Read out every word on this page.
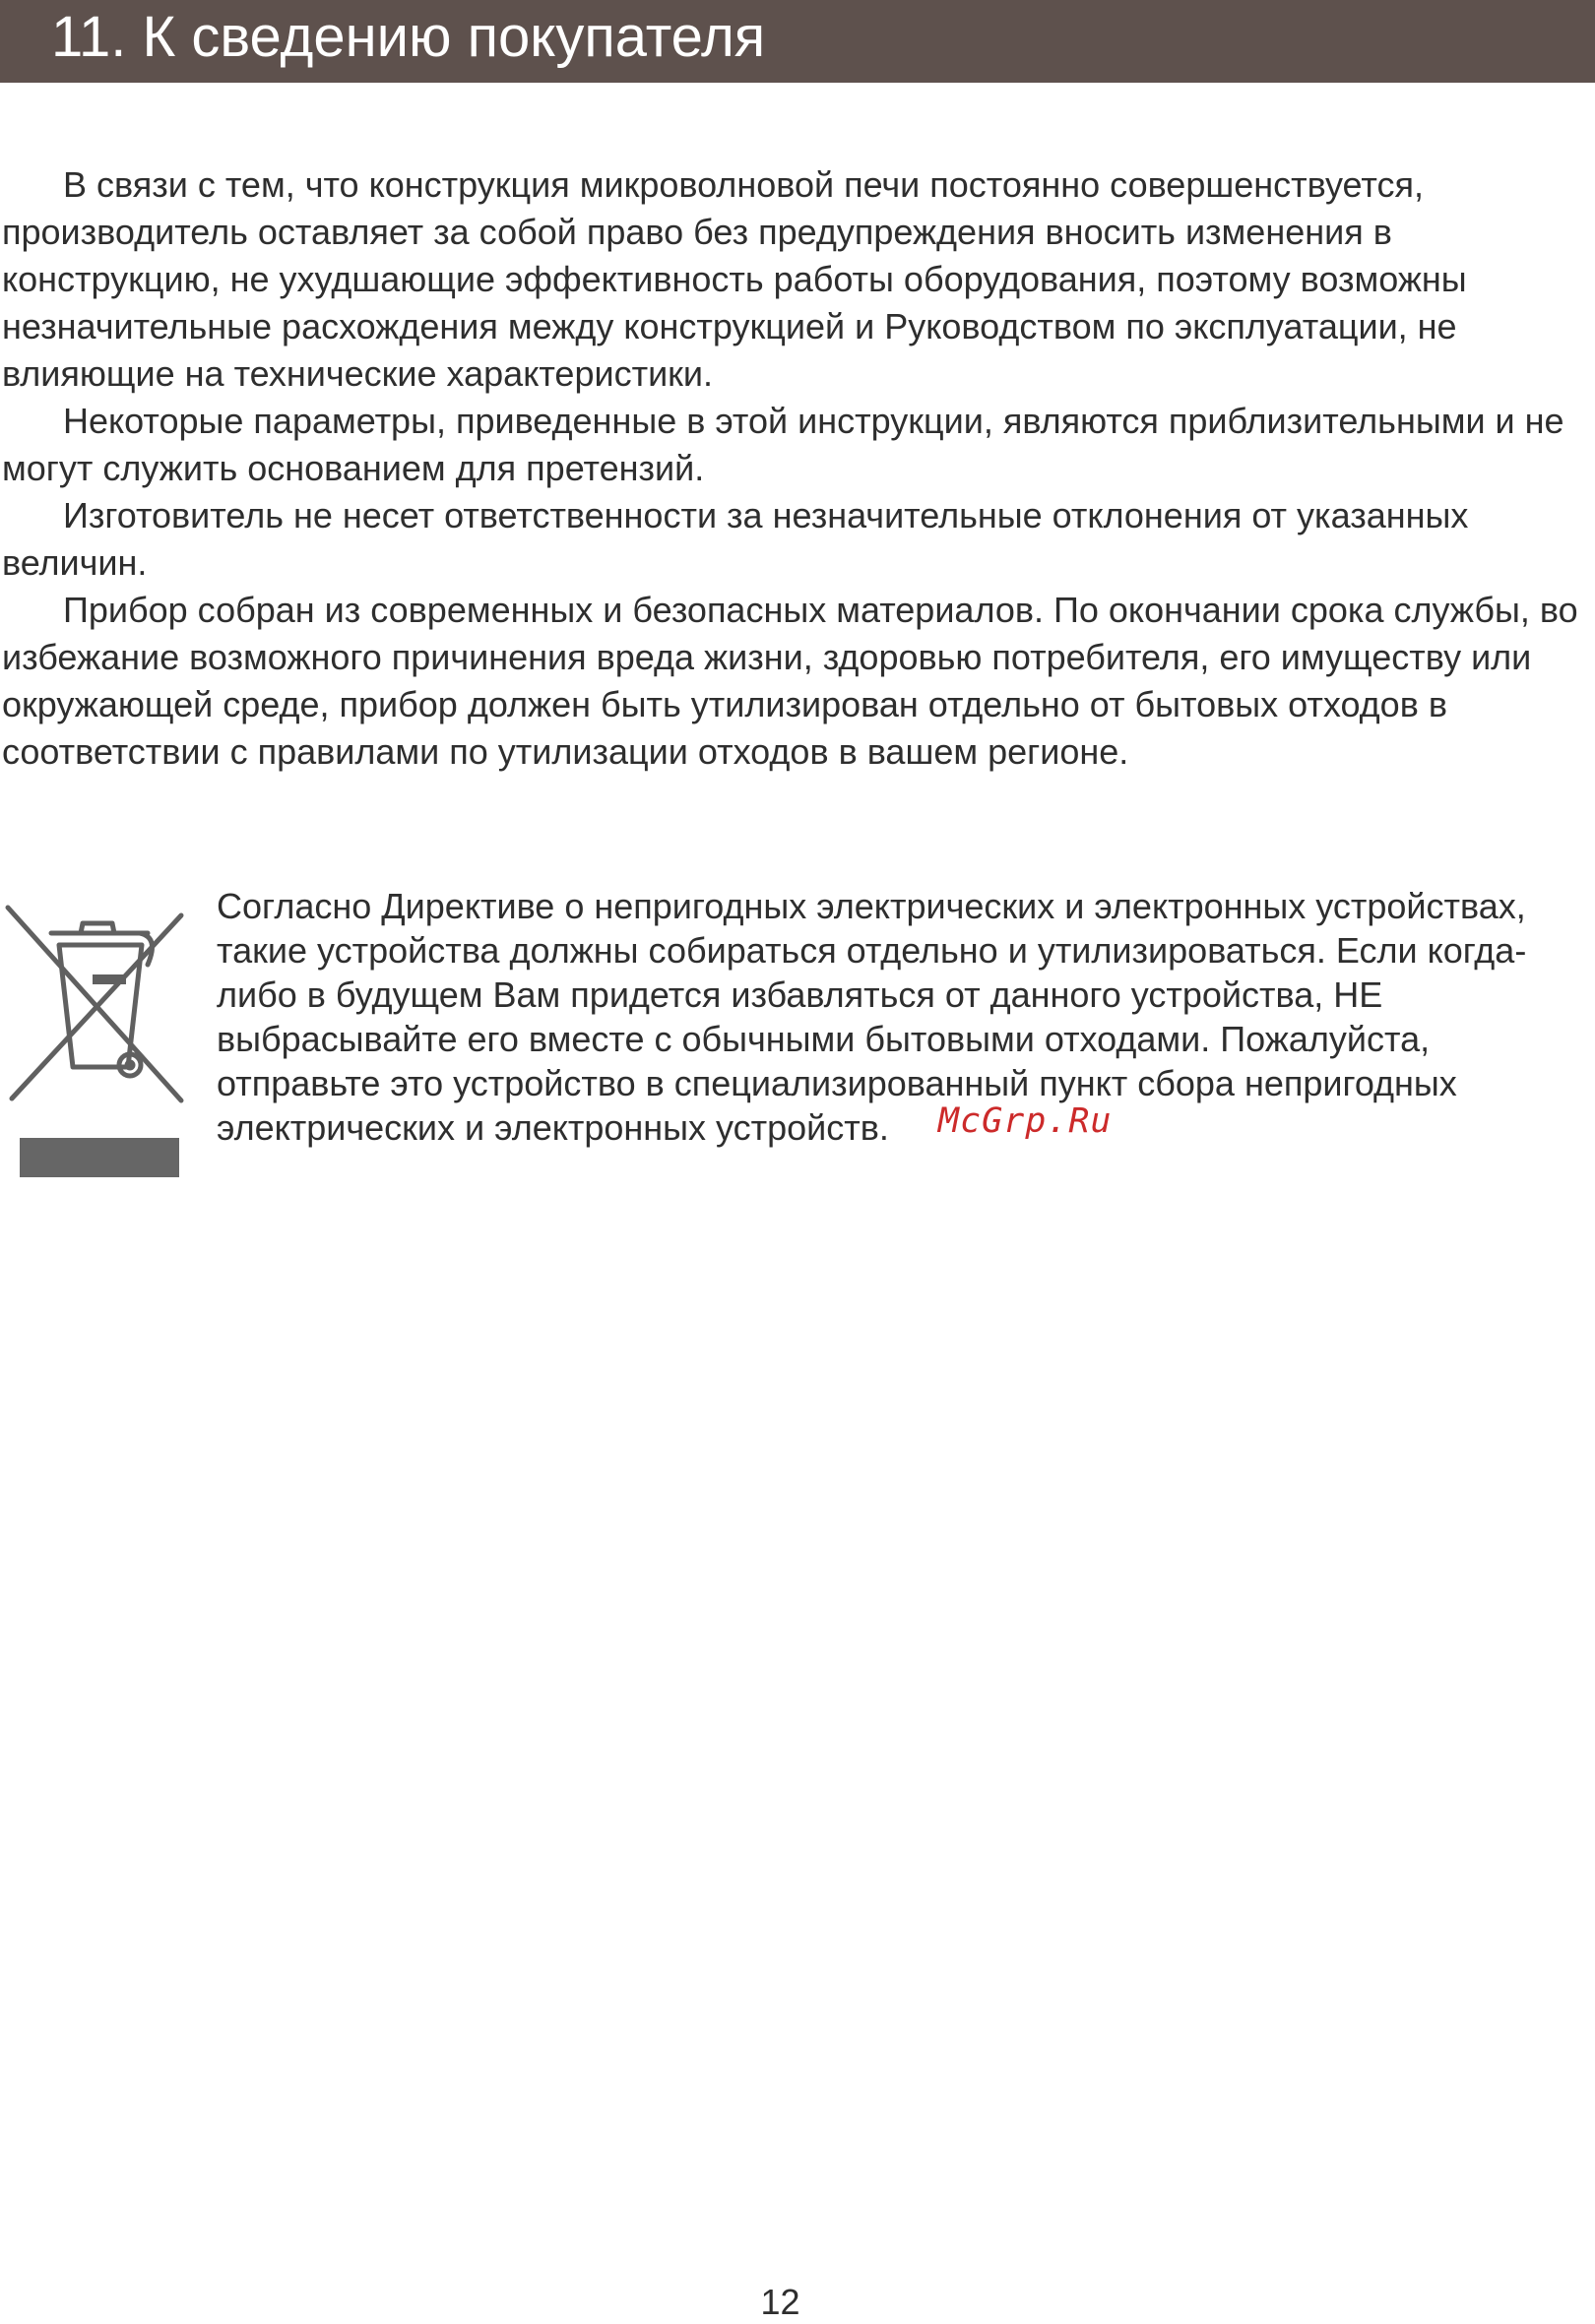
11. К сведению покупателя

В связи с тем, что конструкция микроволновой печи постоянно совершенствуется, производитель оставляет за собой право без предупреждения вносить изменения в конструкцию, не ухудшающие эффективность работы оборудования, поэтому возможны незначительные расхождения между конструкцией и Руководством по эксплуатации, не влияющие на технические характеристики.

Некоторые параметры, приведенные в этой инструкции, являются приблизительными и не могут служить основанием для претензий.

Изготовитель не несет ответственности за незначительные отклонения от указанных величин.

Прибор собран из современных и безопасных материалов. По окончании срока службы, во избежание возможного причинения вреда жизни, здоровью потребителя, его имуществу или окружающей среде, прибор должен быть утилизирован отдельно от бытовых отходов в соответствии с правилами по утилизации отходов в вашем регионе.

Согласно Директиве о непригодных электрических и электронных устройствах, такие устройства должны собираться отдельно и утилизироваться. Если когда-либо в будущем Вам придется избавляться от данного устройства, НЕ выбрасывайте его вместе с обычными бытовыми отходами. Пожалуйста, отправьте это устройство в специализированный пункт сбора непригодных электрических и электронных устройств. McGrp.Ru
12
